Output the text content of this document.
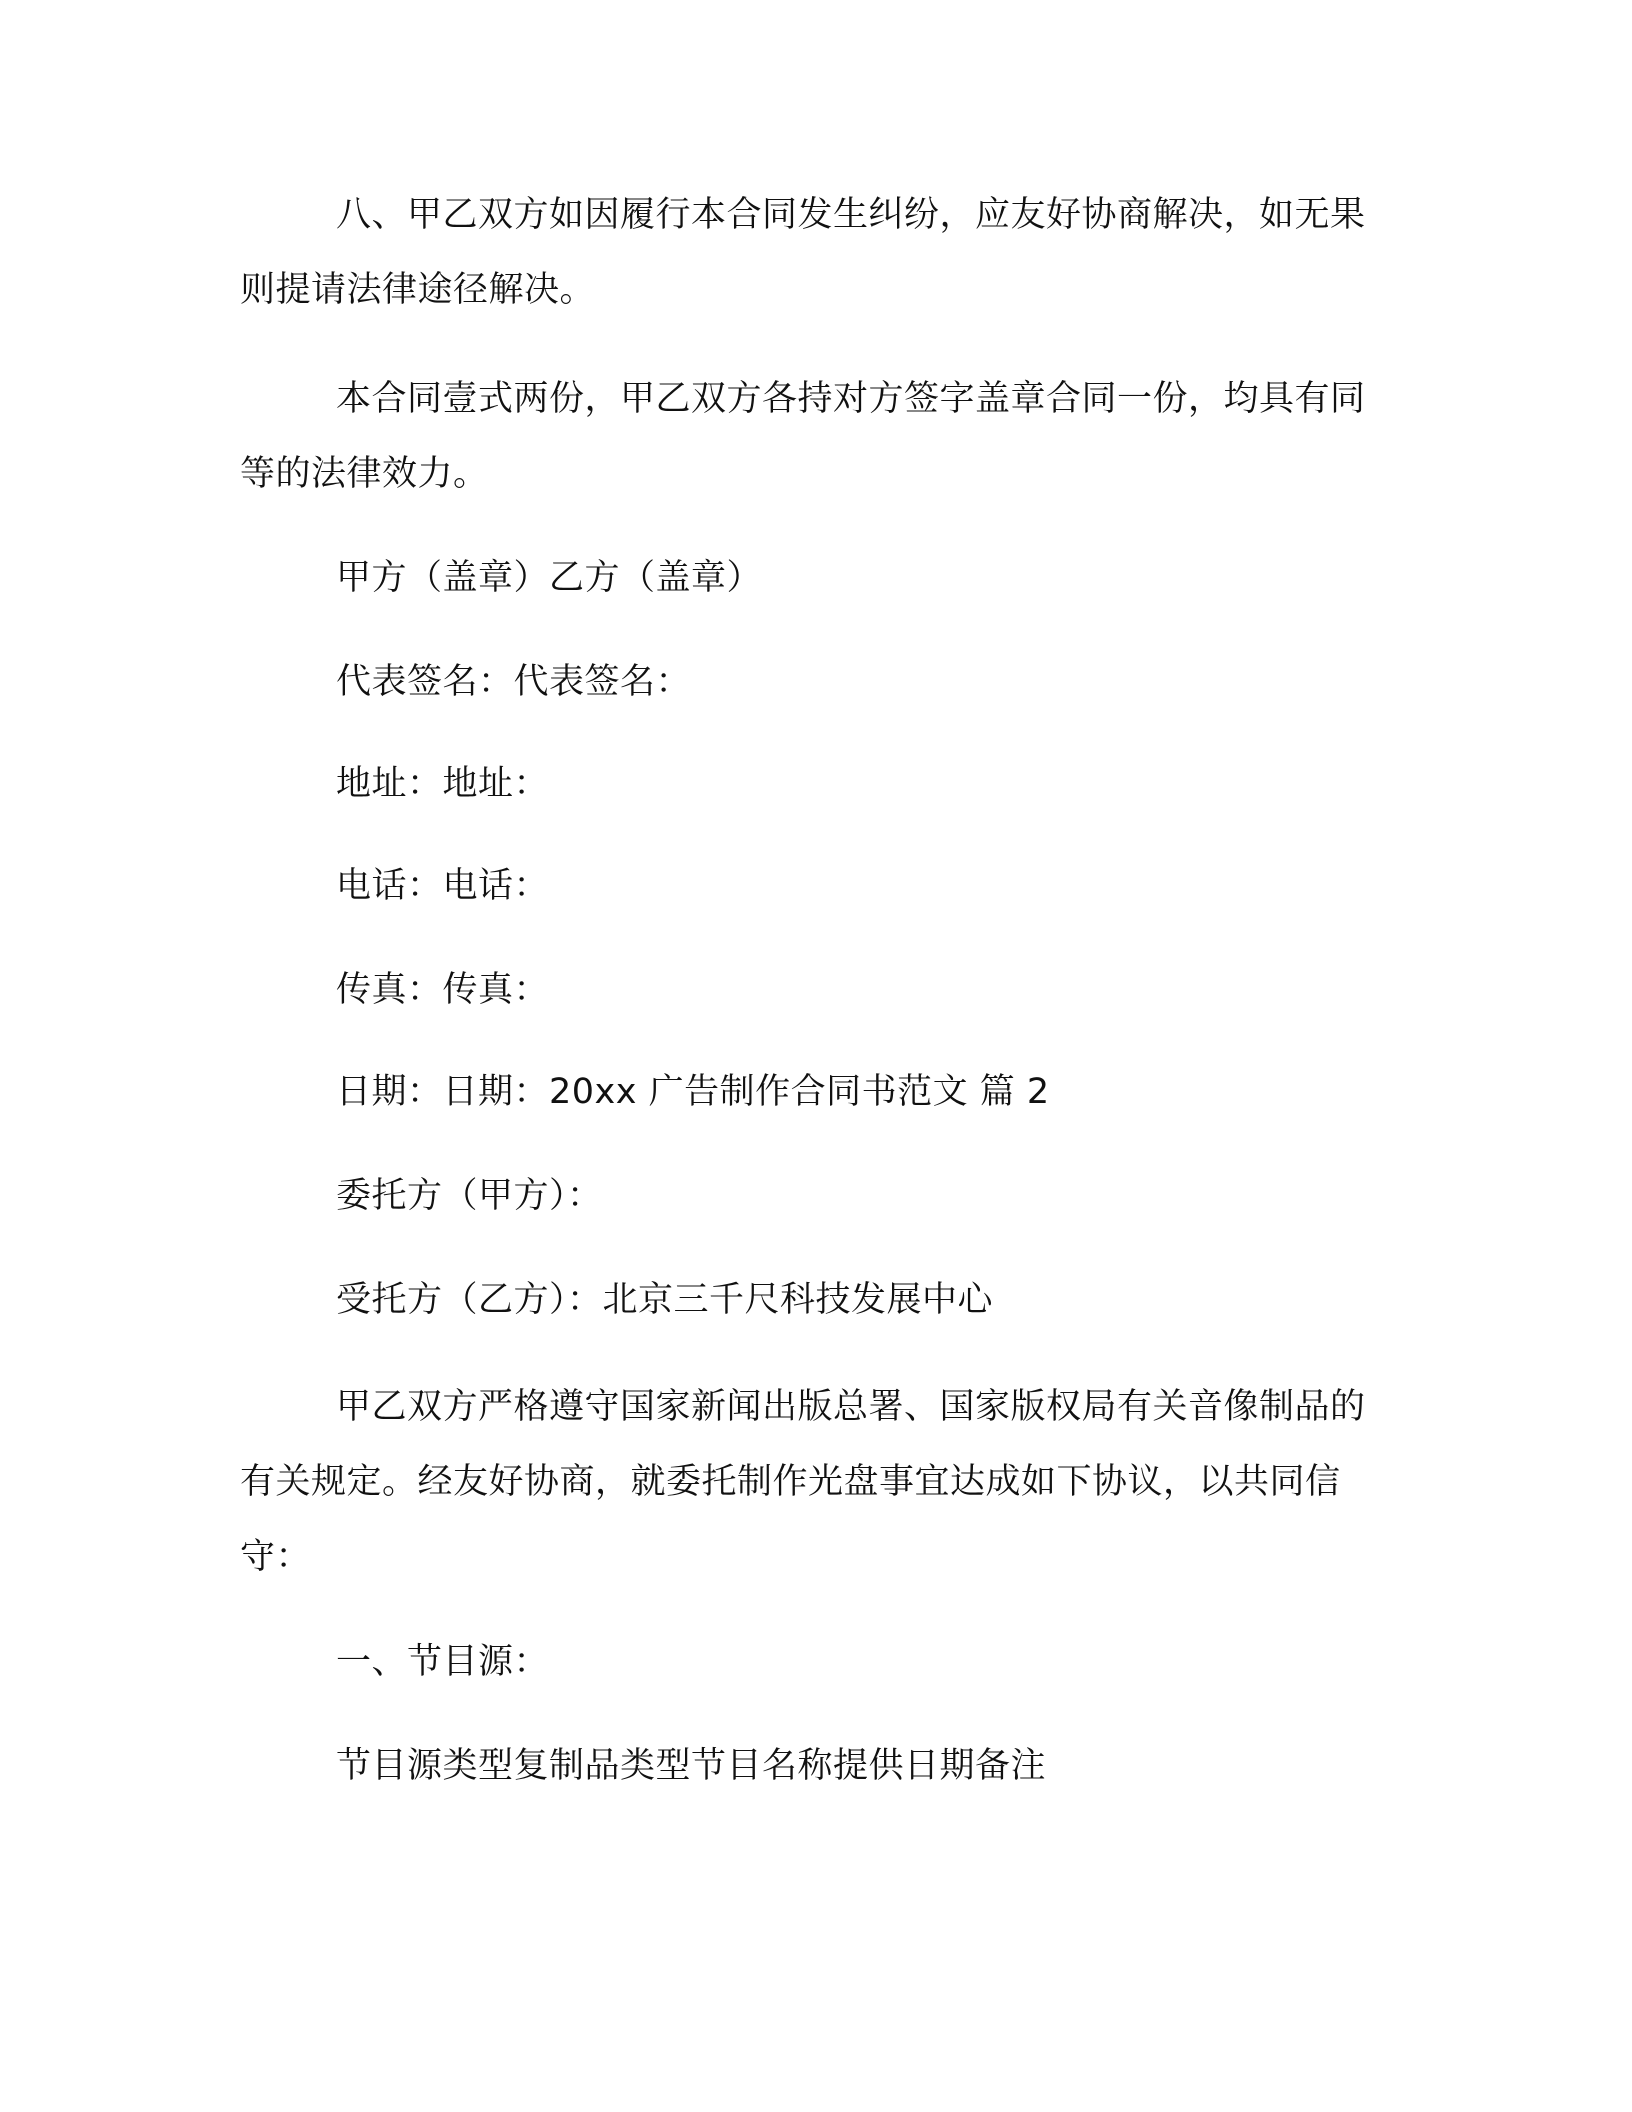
八、甲乙双方如因履行本合同发生纠纷，应友好协商解决，如无果则提请法律途径解决。

本合同壹式两份，甲乙双方各持对方签字盖章合同一份，均具有同等的法律效力。

甲方（盖章）乙方（盖章）

代表签名：代表签名：

地址：地址：

电话：电话：

传真：传真：

日期：日期：20xx 广告制作合同书范文 篇 2

委托方（甲方）：

受托方（乙方）：北京三千尺科技发展中心

甲乙双方严格遵守国家新闻出版总署、国家版权局有关音像制品的有关规定。经友好协商，就委托制作光盘事宜达成如下协议，以共同信守：

一、节目源：

节目源类型复制品类型节目名称提供日期备注
